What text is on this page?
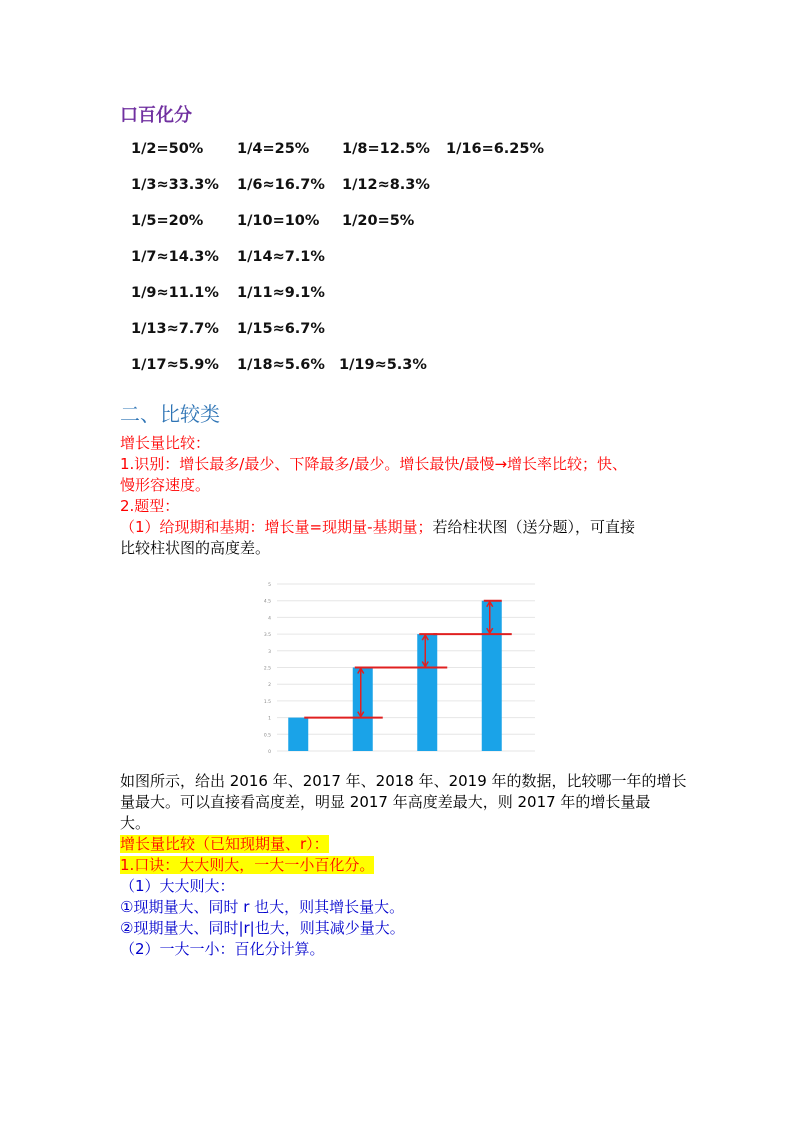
口百化分
1/2=50% 1/4=25% 1/8=12.5% 1/16=6.25%
1/3≈33.3% 1/6≈16.7% 1/12≈8.3%
1/5=20% 1/10=10% 1/20=5%
1/7≈14.3% 1/14≈7.1%
1/9≈11.1% 1/11≈9.1%
1/13≈7.7% 1/15≈6.7%
1/17≈5.9% 1/18≈5.6% 1/19≈5.3%
二、比较类
增长量比较：
1.识别：增长最多/最少、下降最多/最少。增长最快/最慢→增长率比较；快、
慢形容速度。
2.题型：
（1）给现期和基期：增长量=现期量-基期量；若给柱状图（送分题），可直接
比较柱状图的高度差。
0
0.5
1
1.5
2
2.5
3
3.5
4
4.5
5
如图所示，给出 2016 年、2017 年、2018 年、2019 年的数据，比较哪一年的增长
量最大。可以直接看高度差，明显 2017 年高度差最大，则 2017 年的增长量最
大。
增长量比较（已知现期量、r）：
1.口诀：大大则大，一大一小百化分。
（1）大大则大：
①现期量大、同时 r 也大，则其增长量大。
②现期量大、同时|r|也大，则其减少量大。
（2）一大一小：百化分计算。
